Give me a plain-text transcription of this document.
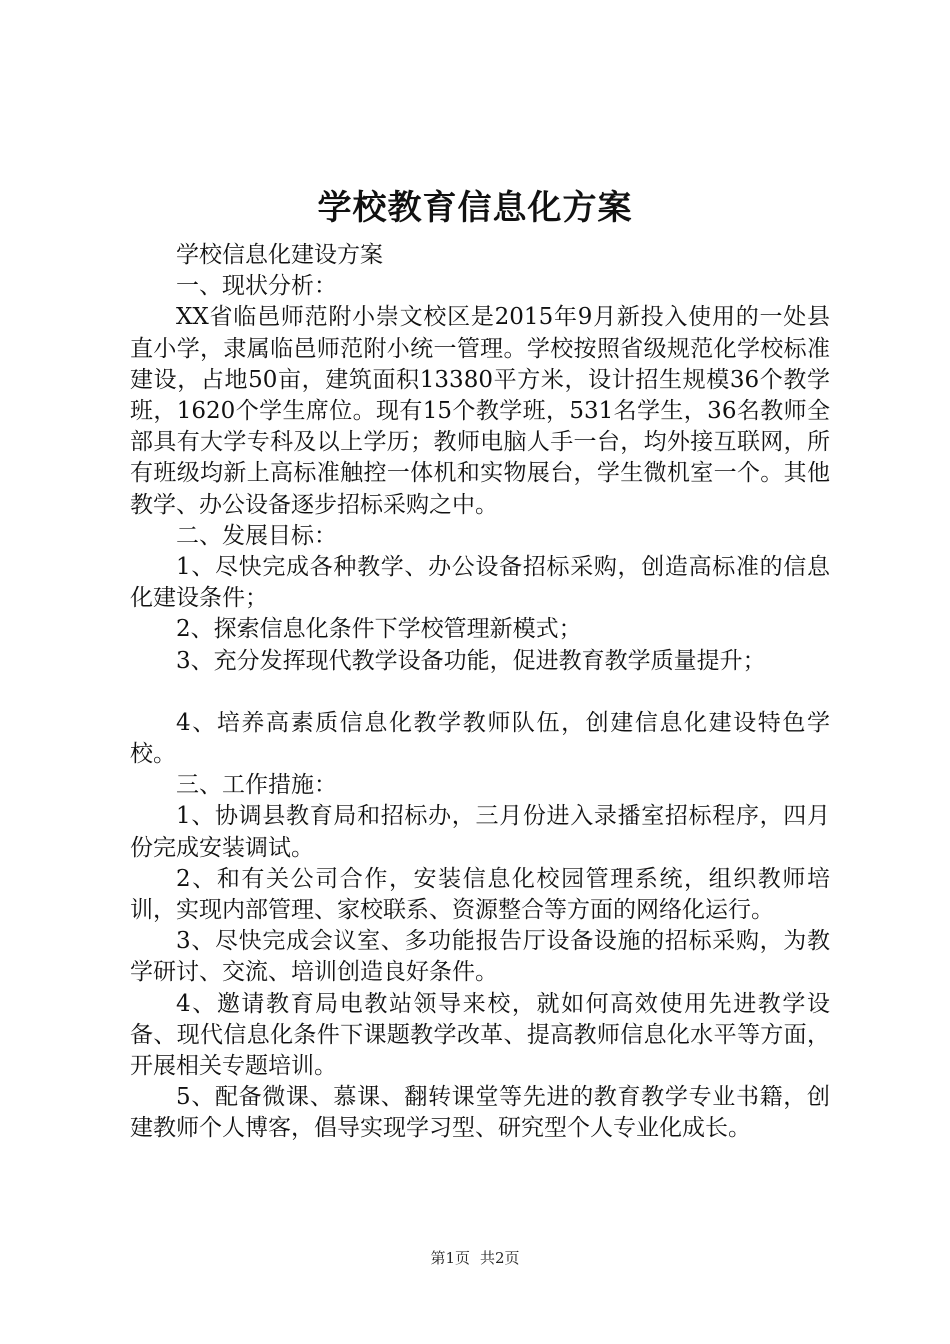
学校教育信息化方案

学校信息化建设方案

一、现状分析：

XX省临邑师范附小崇文校区是2015年9月新投入使用的一处县直小学，隶属临邑师范附小统一管理。学校按照省级规范化学校标准建设，占地50亩，建筑面积13380平方米，设计招生规模36个教学班，1620个学生席位。现有15个教学班，531名学生，36名教师全部具有大学专科及以上学历；教师电脑人手一台，均外接互联网，所有班级均新上高标准触控一体机和实物展台，学生微机室一个。其他教学、办公设备逐步招标采购之中。

二、发展目标：

1、尽快完成各种教学、办公设备招标采购，创造高标准的信息化建设条件；

2、探索信息化条件下学校管理新模式；

3、充分发挥现代教学设备功能，促进教育教学质量提升；

4、培养高素质信息化教学教师队伍，创建信息化建设特色学校。

三、工作措施：

1、协调县教育局和招标办，三月份进入录播室招标程序，四月份完成安装调试。

2、和有关公司合作，安装信息化校园管理系统，组织教师培训，实现内部管理、家校联系、资源整合等方面的网络化运行。

3、尽快完成会议室、多功能报告厅设备设施的招标采购，为教学研讨、交流、培训创造良好条件。

4、邀请教育局电教站领导来校，就如何高效使用先进教学设备、现代信息化条件下课题教学改革、提高教师信息化水平等方面，开展相关专题培训。

5、配备微课、慕课、翻转课堂等先进的教育教学专业书籍，创建教师个人博客，倡导实现学习型、研究型个人专业化成长。

第1页 共2页
